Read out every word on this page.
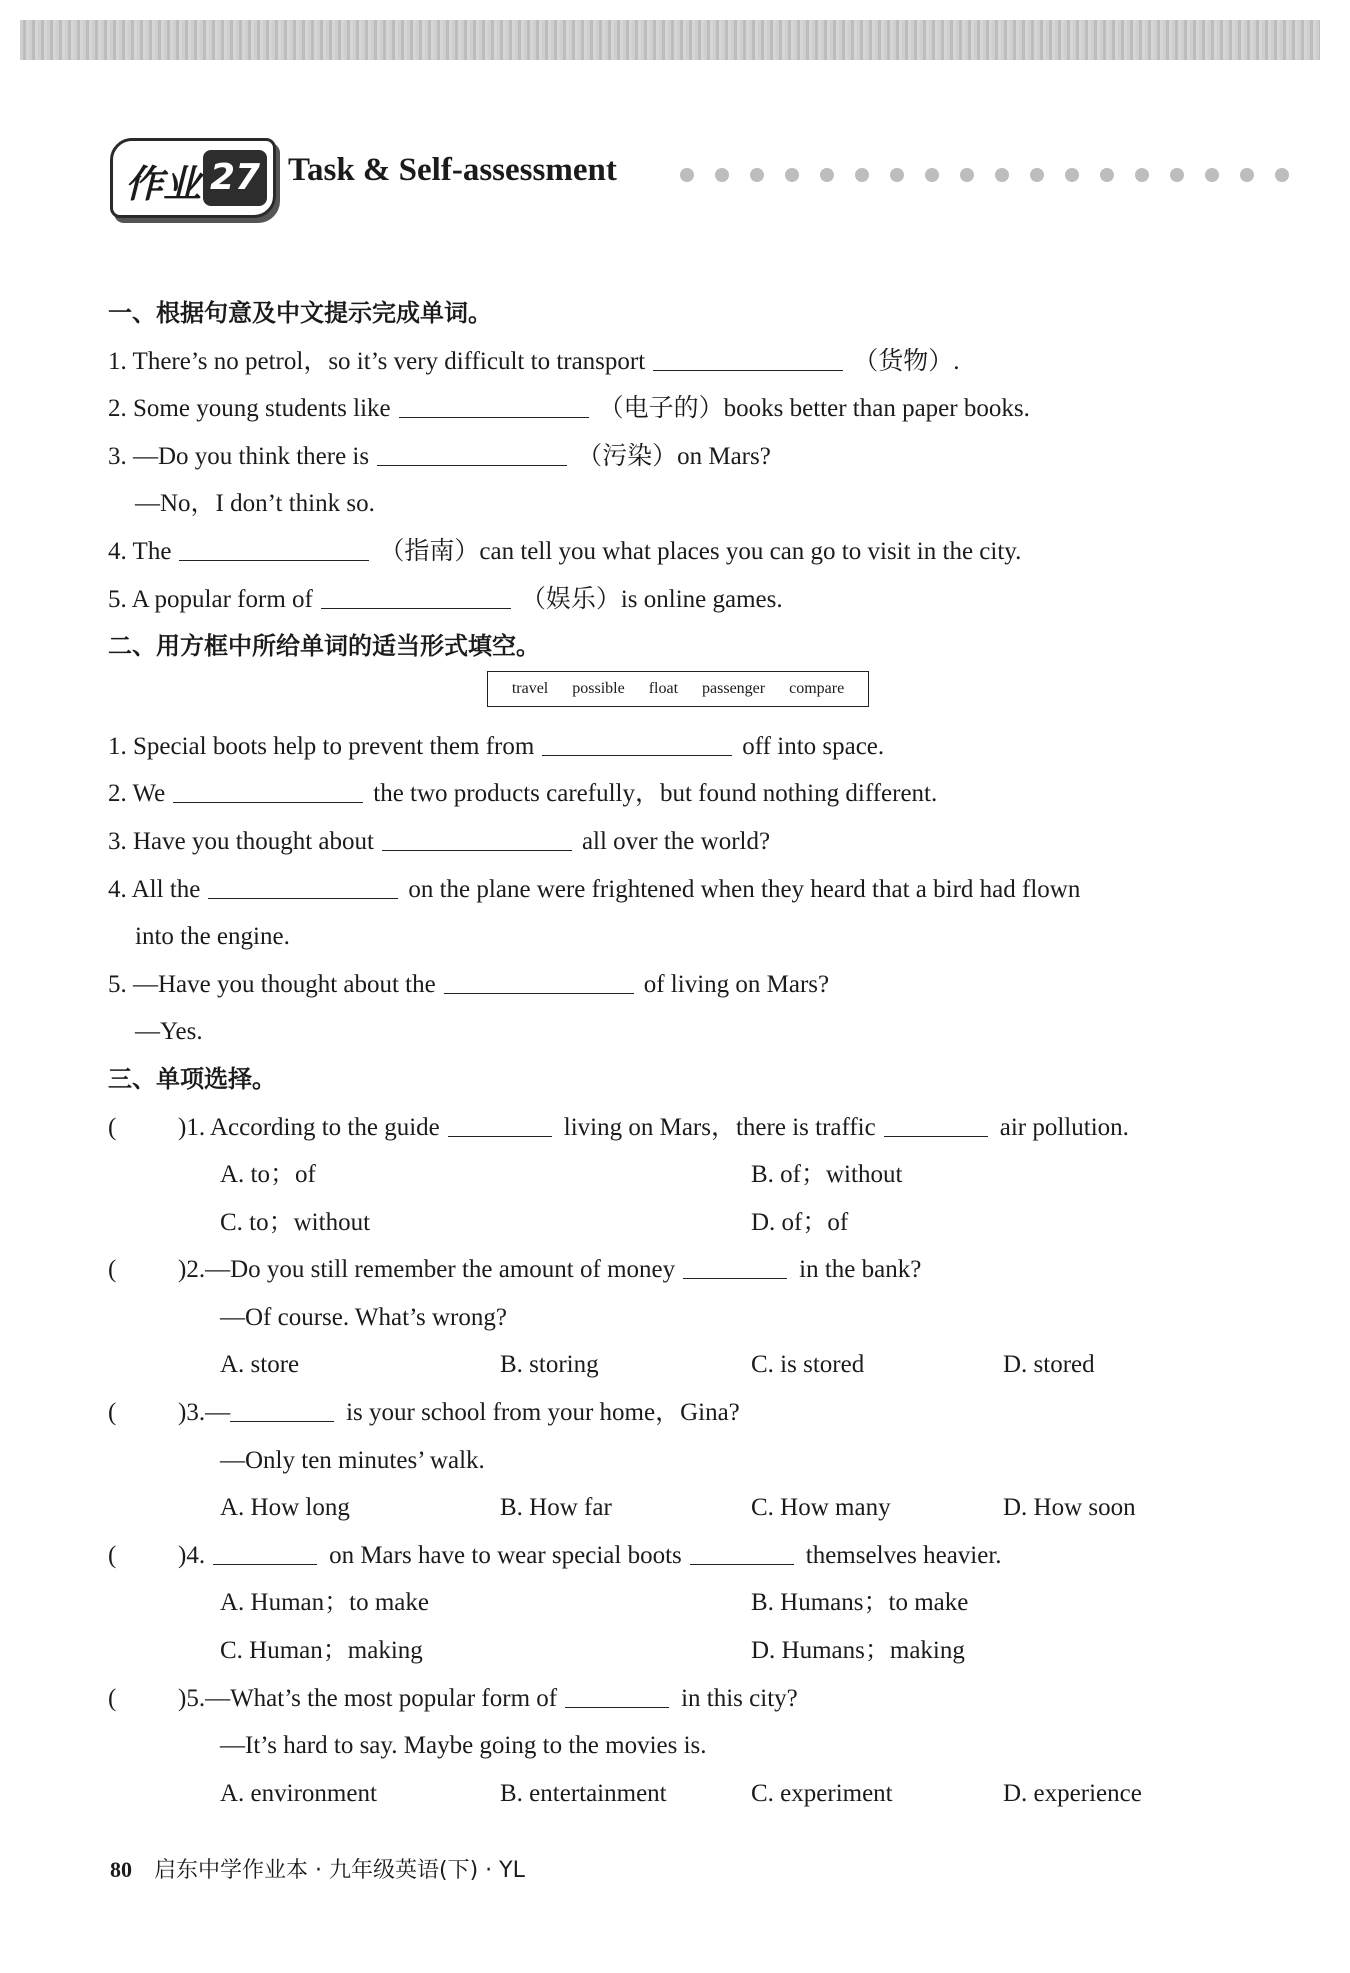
作业 27 Task & Self-assessment
一、根据句意及中文提示完成单词。
1. There’s no petrol，so it’s very difficult to transport	（货物）.
2. Some young students like	（电子的）books better than paper books.
3. —Do you think there is	（污染）on Mars?
—No，I don’t think so.
4. The	（指南）can tell you what places you can go to visit in the city.
5. A popular form of	（娱乐）is online games.
二、用方框中所给单词的适当形式填空。
travel possible float passenger compare
1. Special boots help to prevent them from	off into space.
2. We	the two products carefully，but found nothing different.
3. Have you thought about	all over the world?
4. All the	on the plane were frightened when they heard that a bird had flown
into the engine.
5. —Have you thought about the	of living on Mars?
—Yes.
三、单项选择。
( )1. According to the guide	living on Mars，there is traffic	air pollution.
A. to；of	B. of；without
C. to；without	D. of；of
( )2.—Do you still remember the amount of money	in the bank?
—Of course. What’s wrong?
A. store	B. storing	C. is stored	D. stored
( )3.—	is your school from your home，Gina?
—Only ten minutes’ walk.
A. How long	B. How far	C. How many	D. How soon
( )4.	on Mars have to wear special boots	themselves heavier.
A. Human；to make	B. Humans；to make
C. Human；making	D. Humans；making
( )5.—What’s the most popular form of	in this city?
—It’s hard to say. Maybe going to the movies is.
A. environment	B. entertainment	C. experiment	D. experience
80 启东中学作业本 · 九年级英语(下) · YL
